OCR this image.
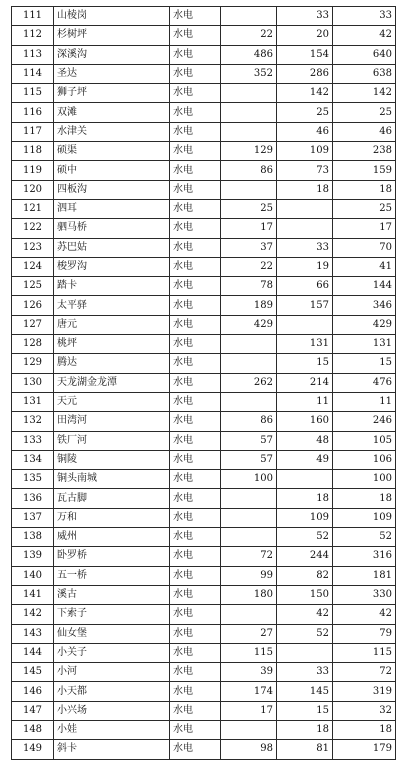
111	山棱岗	水电		33	33
112	杉树坪	水电	22	20	42
113	深溪沟	水电	486	154	640
114	圣达	水电	352	286	638
115	狮子坪	水电		142	142
116	双滩	水电		25	25
117	水津关	水电		46	46
118	硕渠	水电	129	109	238
119	硕中	水电	86	73	159
120	四板沟	水电		18	18
121	泗耳	水电	25		25
122	驷马桥	水电	17		17
123	苏巴姑	水电	37	33	70
124	梭罗沟	水电	22	19	41
125	踏卡	水电	78	66	144
126	太平驿	水电	189	157	346
127	唐元	水电	429		429
128	桃坪	水电		131	131
129	腾达	水电		15	15
130	天龙湖金龙潭	水电	262	214	476
131	天元	水电		11	11
132	田湾河	水电	86	160	246
133	铁厂河	水电	57	48	105
134	铜陵	水电	57	49	106
135	铜头南城	水电	100		100
136	瓦古脚	水电		18	18
137	万和	水电		109	109
138	威州	水电		52	52
139	卧罗桥	水电	72	244	316
140	五一桥	水电	99	82	181
141	溪古	水电	180	150	330
142	下索子	水电		42	42
143	仙女堡	水电	27	52	79
144	小关子	水电	115		115
145	小河	水电	39	33	72
146	小天都	水电	174	145	319
147	小兴场	水电	17	15	32
148	小娃	水电		18	18
149	斜卡	水电	98	81	179
